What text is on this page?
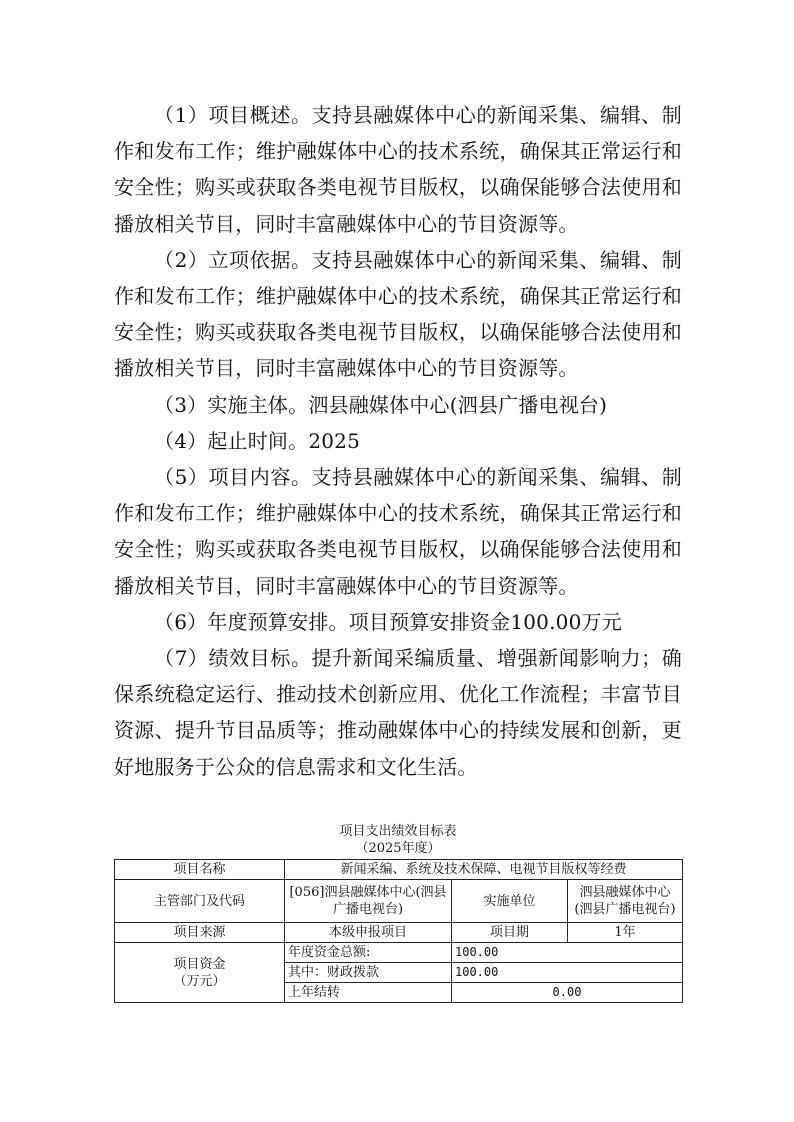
（1）项目概述。支持县融媒体中心的新闻采集、编辑、制作和发布工作；维护融媒体中心的技术系统，确保其正常运行和安全性；购买或获取各类电视节目版权，以确保能够合法使用和播放相关节目，同时丰富融媒体中心的节目资源等。

（2）立项依据。支持县融媒体中心的新闻采集、编辑、制作和发布工作；维护融媒体中心的技术系统，确保其正常运行和安全性；购买或获取各类电视节目版权，以确保能够合法使用和播放相关节目，同时丰富融媒体中心的节目资源等。

（3）实施主体。泗县融媒体中心(泗县广播电视台)

（4）起止时间。2025

（5）项目内容。支持县融媒体中心的新闻采集、编辑、制作和发布工作；维护融媒体中心的技术系统，确保其正常运行和安全性；购买或获取各类电视节目版权，以确保能够合法使用和播放相关节目，同时丰富融媒体中心的节目资源等。

（6）年度预算安排。项目预算安排资金100.00万元

（7）绩效目标。提升新闻采编质量、增强新闻影响力；确保系统稳定运行、推动技术创新应用、优化工作流程；丰富节目资源、提升节目品质等；推动融媒体中心的持续发展和创新，更好地服务于公众的信息需求和文化生活。

项目支出绩效目标表
（2025年度）
项目名称	新闻采编、系统及技术保障、电视节目版权等经费		
主管部门及代码	[056]泗县融媒体中心(泗县广播电视台)	实施单位	泗县融媒体中心(泗县广播电视台)
项目来源	本级申报项目	项目期	1年

项目资金
（万元）	年度资金总额:	100.00	
	其中：财政拨款	100.00	
	上年结转	0.00	
